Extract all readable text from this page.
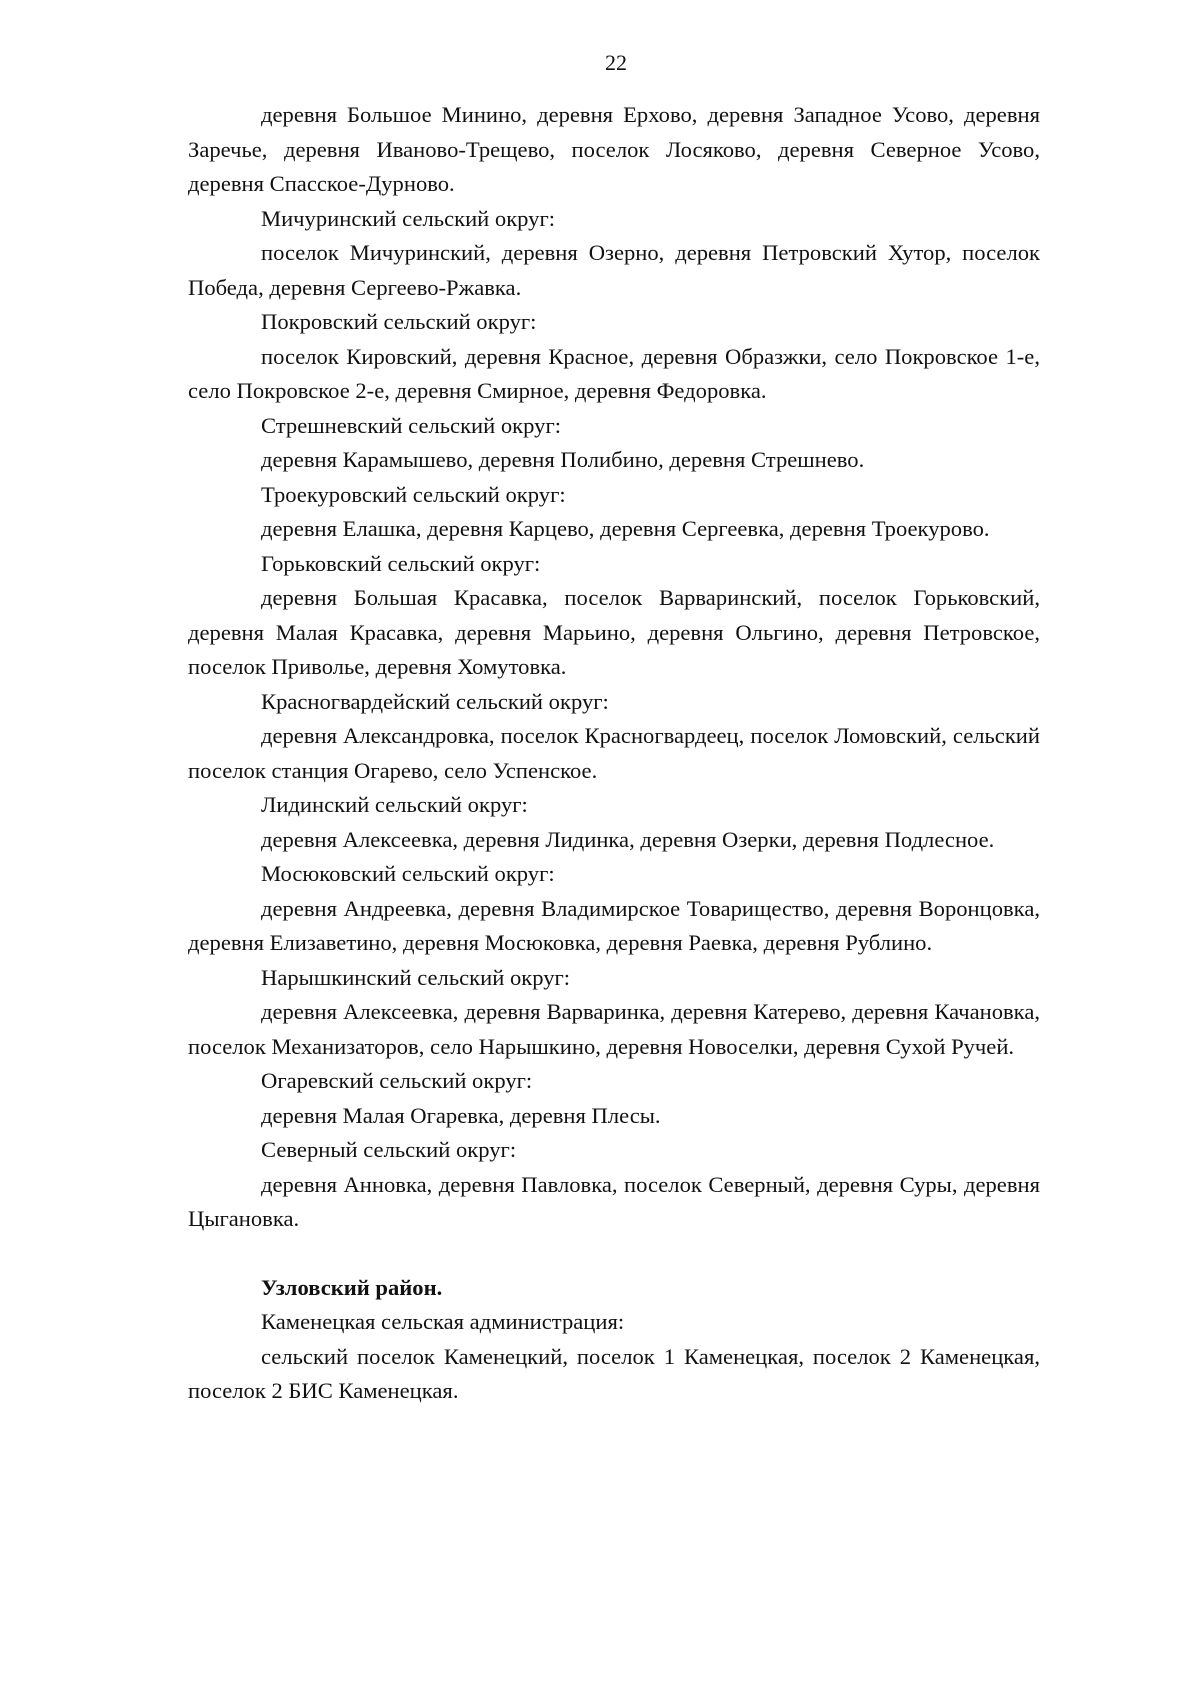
22

деревня Большое Минино, деревня Ерхово, деревня Западное Усово, деревня Заречье, деревня Иваново-Трещево, поселок Лосяково, деревня Северное Усово, деревня Спасское-Дурново.

Мичуринский сельский округ:

поселок Мичуринский, деревня Озерно, деревня Петровский Хутор, поселок Победа, деревня Сергеево-Ржавка.

Покровский сельский округ:

поселок Кировский, деревня Красное, деревня Образжки, село Покровское 1-е, село Покровское 2-е, деревня Смирное, деревня Федоровка.

Стрешневский сельский округ:

деревня Карамышево, деревня Полибино, деревня Стрешнево.

Троекуровский сельский округ:

деревня Елашка, деревня Карцево, деревня Сергеевка, деревня Троекурово.

Горьковский сельский округ:

деревня Большая Красавка, поселок Варваринский, поселок Горьковский, деревня Малая Красавка, деревня Марьино, деревня Ольгино, деревня Петровское, поселок Приволье, деревня Хомутовка.

Красногвардейский сельский округ:

деревня Александровка, поселок Красногвардеец, поселок Ломовский, сельский поселок станция Огарево, село Успенское.

Лидинский сельский округ:

деревня Алексеевка, деревня Лидинка, деревня Озерки, деревня Подлесное.

Мосюковский сельский округ:

деревня Андреевка, деревня Владимирское Товарищество, деревня Воронцовка, деревня Елизаветино, деревня Мосюковка, деревня Раевка, деревня Рублино.

Нарышкинский сельский округ:

деревня Алексеевка, деревня Варваринка, деревня Катерево, деревня Качановка, поселок Механизаторов, село Нарышкино, деревня Новоселки, деревня Сухой Ручей.

Огаревский сельский округ:

деревня Малая Огаревка, деревня Плесы.

Северный сельский округ:

деревня Анновка, деревня Павловка, поселок Северный, деревня Суры, деревня Цыгановка.

Узловский район.

Каменецкая сельская администрация:

сельский поселок Каменецкий, поселок 1 Каменецкая, поселок 2 Каменецкая, поселок 2 БИС Каменецкая.
